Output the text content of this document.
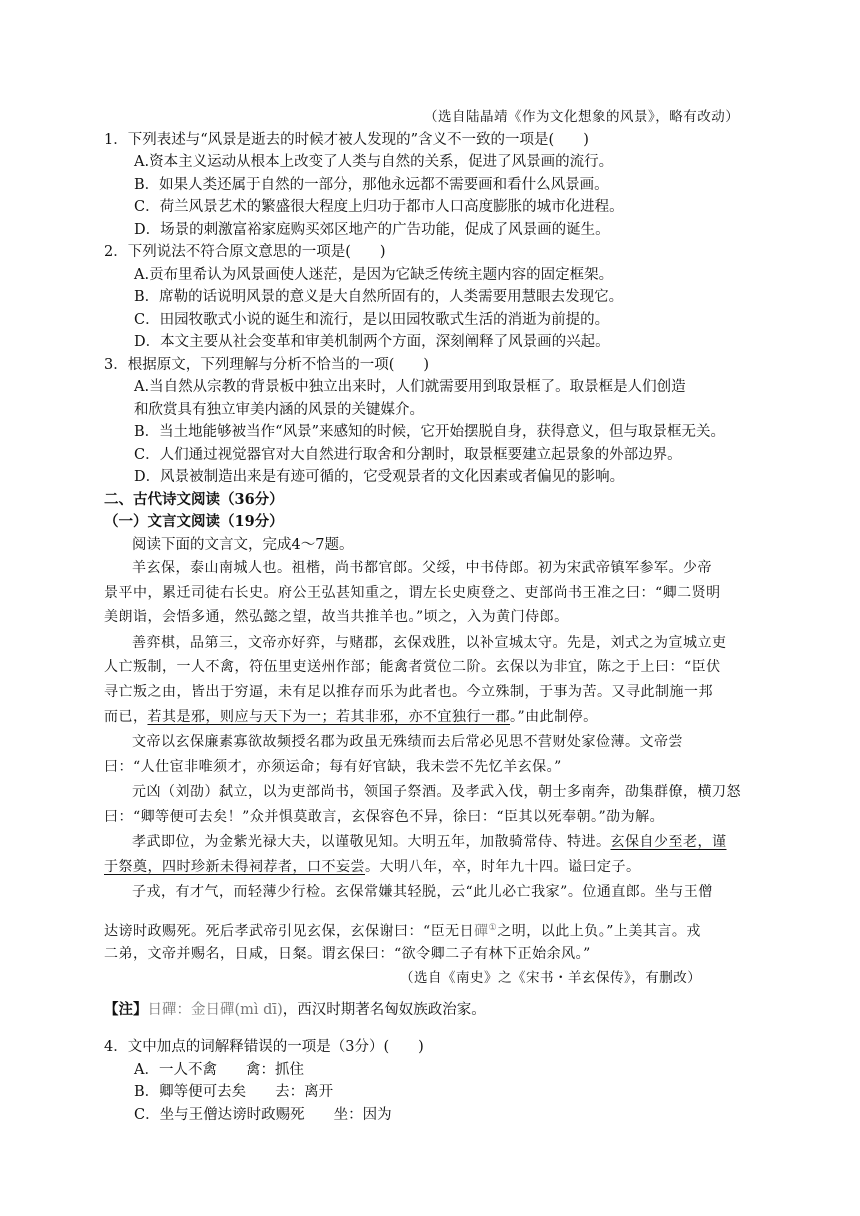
（选自陆晶靖《作为文化想象的风景》，略有改动）
1．下列表述与“风景是逝去的时候才被人发现的”含义不一致的一项是(　　)
A.资本主义运动从根本上改变了人类与自然的关系，促进了风景画的流行。
B．如果人类还属于自然的一部分，那他永远都不需要画和看什么风景画。
C．荷兰风景艺术的繁盛很大程度上归功于都市人口高度膨胀的城市化进程。
D．场景的刺激富裕家庭购买郊区地产的广告功能，促成了风景画的诞生。
2．下列说法不符合原文意思的一项是(　　)
A.贡布里希认为风景画使人迷茫，是因为它缺乏传统主题内容的固定框架。
B．席勒的话说明风景的意义是大自然所固有的，人类需要用慧眼去发现它。
C．田园牧歌式小说的诞生和流行，是以田园牧歌式生活的消逝为前提的。
D．本文主要从社会变革和审美机制两个方面，深刻阐释了风景画的兴起。
3．根据原文，下列理解与分析不恰当的一项(　　)
A.当自然从宗教的背景板中独立出来时，人们就需要用到取景框了。取景框是人们创造
和欣赏具有独立审美内涵的风景的关键媒介。
B．当土地能够被当作“风景”来感知的时候，它开始摆脱自身，获得意义，但与取景框无关。
C．人们通过视觉器官对大自然进行取舍和分割时，取景框要建立起景象的外部边界。
D．风景被制造出来是有迹可循的，它受观景者的文化因素或者偏见的影响。
二、古代诗文阅读（36分）
（一）文言文阅读（19分）
阅读下面的文言文，完成4～7题。
羊玄保，泰山南城人也。祖楷，尚书都官郎。父绥，中书侍郎。初为宋武帝镇军参军。少帝
景平中，累迁司徒右长史。府公王弘甚知重之，谓左长史庾登之、吏部尚书王准之曰：“卿二贤明
美朗诣，会悟多通，然弘懿之望，故当共推羊也。”顷之，入为黄门侍郎。
善弈棋，品第三，文帝亦好弈，与赌郡，玄保戏胜，以补宣城太守。先是，刘式之为宣城立吏
人亡叛制，一人不禽，符伍里吏送州作部；能禽者赏位二阶。玄保以为非宜，陈之于上曰：“臣伏
寻亡叛之由，皆出于穷逼，未有足以推存而乐为此者也。今立殊制，于事为苦。又寻此制施一邦
而已，若其是邪，则应与天下为一；若其非邪，亦不宜独行一郡。”由此制停。
文帝以玄保廉素寡欲故频授名郡为政虽无殊绩而去后常必见思不营财处家俭薄。文帝尝
曰：“人仕宦非唯须才，亦须运命；每有好官缺，我未尝不先忆羊玄保。”
元凶（刘劭）弑立，以为吏部尚书，领国子祭酒。及孝武入伐，朝士多南奔，劭集群僚，横刀怒
曰：“卿等便可去矣！”众并惧莫敢言，玄保容色不异，徐曰：“臣其以死奉朝。”劭为解。
孝武即位，为金紫光禄大夫，以谨敬见知。大明五年，加散骑常侍、特进。玄保自少至老，谨
于祭奠，四时珍新未得祠荐者，口不妄尝。大明八年，卒，时年九十四。谥曰定子。
子戎，有才气，而轻薄少行检。玄保常嫌其轻脱，云“此儿必亡我家”。位通直郎。坐与王僧
达谤时政赐死。死后孝武帝引见玄保，玄保谢曰：“臣无日磾①之明，以此上负。”上美其言。戎
二弟，文帝并赐名，日咸，日粲。谓玄保曰：“欲令卿二子有林下正始余风。”
（选自《南史》之《宋书・羊玄保传》，有删改）
【注】日磾：金日磾(mì dī)，西汉时期著名匈奴族政治家。
4．文中加点的词解释错误的一项是（3分）(　　)
A．一人不禽　　禽：抓住
B．卿等便可去矣　　去：离开
C．坐与王僧达谤时政赐死　　坐：因为
